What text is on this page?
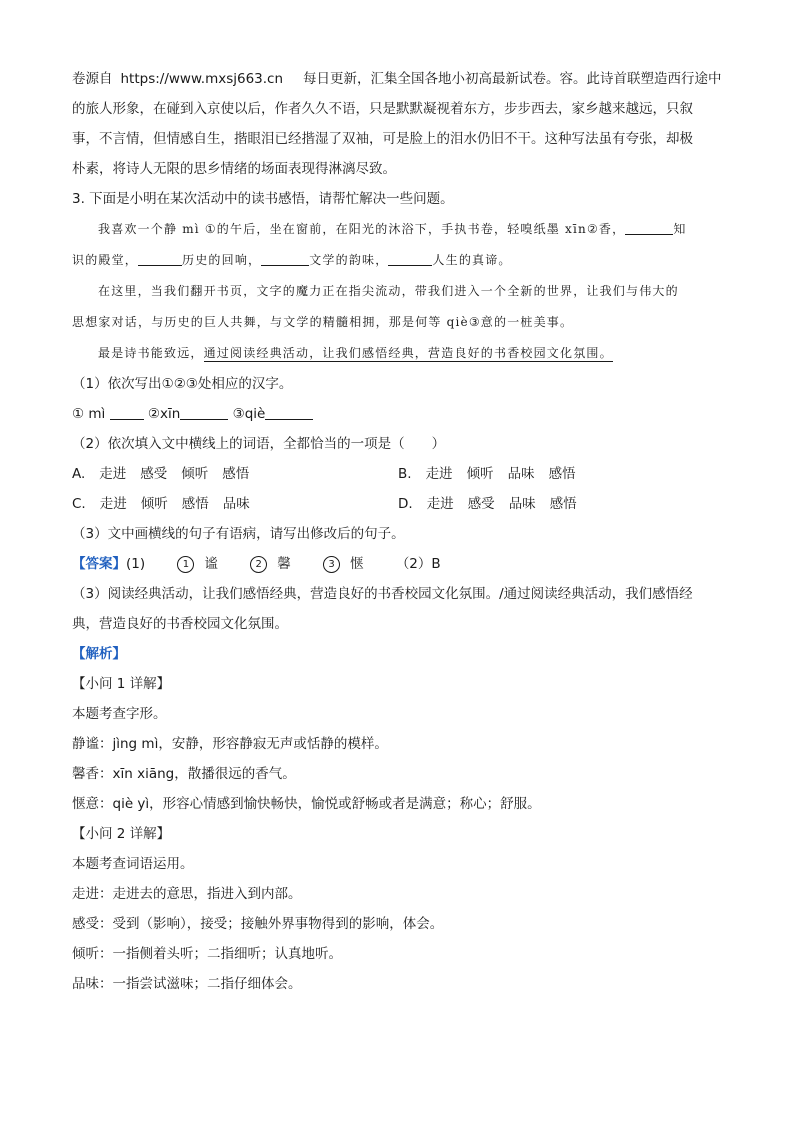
卷源自 https://www.mxsj663.cn 每日更新，汇集全国各地小初高最新试卷。容。此诗首联塑造西行途中
的旅人形象，在碰到入京使以后，作者久久不语，只是默默凝视着东方，步步西去，家乡越来越远，只叙
事，不言情，但情感自生，揩眼泪已经揩湿了双袖，可是脸上的泪水仍旧不干。这种写法虽有夸张，却极
朴素，将诗人无限的思乡情绪的场面表现得淋漓尽致。
3. 下面是小明在某次活动中的读书感悟，请帮忙解决一些问题。
我喜欢一个静 mì ①的午后，坐在窗前，在阳光的沐浴下，手执书卷，轻嗅纸墨 xīn②香，	知
识的殿堂，	历史的回响，	文学的韵味，	人生的真谛。
在这里，当我们翻开书页，文字的魔力正在指尖流动，带我们进入一个全新的世界，让我们与伟大的
思想家对话，与历史的巨人共舞，与文学的精髓相拥，那是何等 qiè③意的一桩美事。
最是诗书能致远，通过阅读经典活动，让我们感悟经典，营造良好的书香校园文化氛围。
（1）依次写出①②③处相应的汉字。
① mì	②xīn	③qiè
（2）依次填入文中横线上的词语，全都恰当的一项是（　　）
A. 走进 感受 倾听 感悟	B. 走进 倾听 品味 感悟
C. 走进 倾听 感悟 品味	D. 走进 感受 品味 感悟
（3）文中画横线的句子有语病，请写出修改后的句子。
【答案】(1)	1 谧	2 馨	3 惬 （2）B
（3）阅读经典活动，让我们感悟经典，营造良好的书香校园文化氛围。/通过阅读经典活动，我们感悟经
典，营造良好的书香校园文化氛围。
【解析】
【小问 1 详解】
本题考查字形。
静谧：jìng mì，安静，形容静寂无声或恬静的模样。
馨香：xīn xiāng，散播很远的香气。
惬意：qiè yì，形容心情感到愉快畅快，愉悦或舒畅或者是满意；称心；舒服。
【小问 2 详解】
本题考查词语运用。
走进：走进去的意思，指进入到内部。
感受：受到（影响），接受；接触外界事物得到的影响，体会。
倾听：一指侧着头听；二指细听；认真地听。
品味：一指尝试滋味；二指仔细体会。
